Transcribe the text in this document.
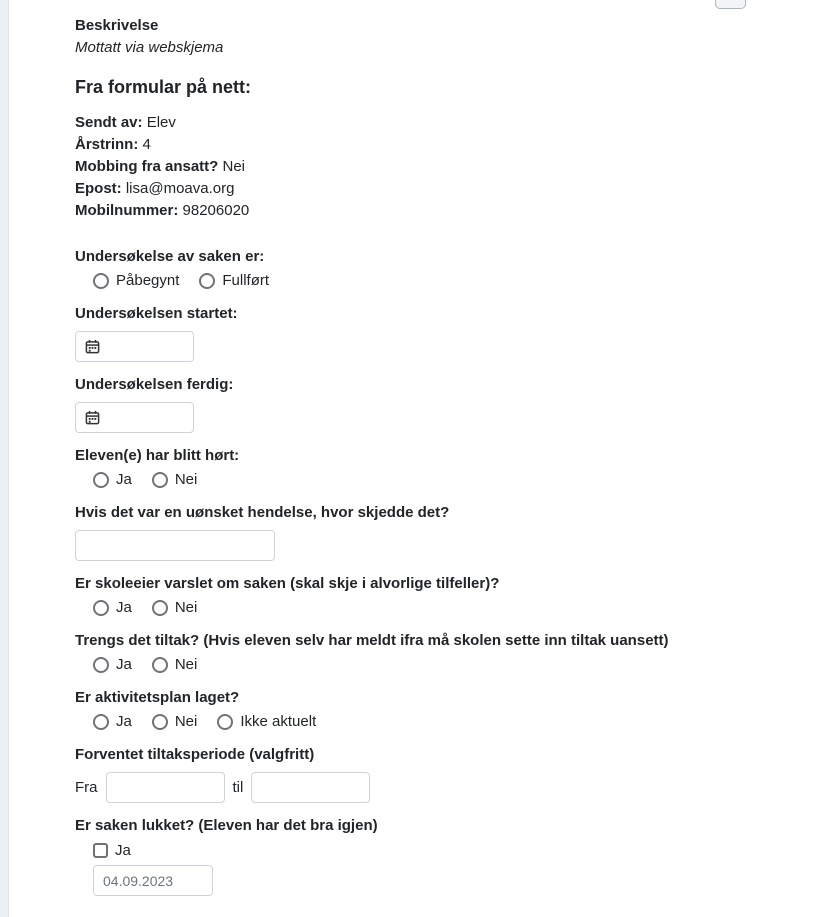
Beskrivelse
Mottatt via webskjema
Fra formular på nett:
Sendt av: Elev
Årstrinn: 4
Mobbing fra ansatt? Nei
Epost: lisa@moava.org
Mobilnummer: 98206020
Undersøkelse av saken er:
Påbegynt	Fullført
Undersøkelsen startet:
Undersøkelsen ferdig:
Eleven(e) har blitt hørt:
Ja	Nei
Hvis det var en uønsket hendelse, hvor skjedde det?
Er skoleeier varslet om saken (skal skje i alvorlige tilfeller)?
Ja	Nei
Trengs det tiltak? (Hvis eleven selv har meldt ifra må skolen sette inn tiltak uansett)
Ja	Nei
Er aktivitetsplan laget?
Ja	Nei	Ikke aktuelt
Forventet tiltaksperiode (valgfritt)
Fra	til
Er saken lukket? (Eleven har det bra igjen)
Ja
04.09.2023
